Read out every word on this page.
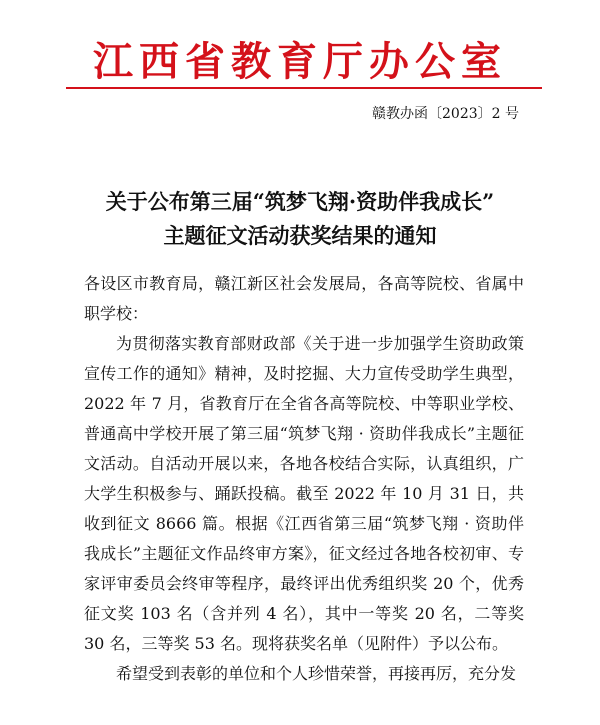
江西省教育厅办公室
赣教办函〔2023〕2 号
关于公布第三届“筑梦飞翔·资助伴我成长”
主题征文活动获奖结果的通知

各设区市教育局，赣江新区社会发展局，各高等院校、省属中职学校：

为贯彻落实教育部财政部《关于进一步加强学生资助政策宣传工作的通知》精神，及时挖掘、大力宣传受助学生典型，2022 年 7 月，省教育厅在全省各高等院校、中等职业学校、普通高中学校开展了第三届“筑梦飞翔 · 资助伴我成长”主题征文活动。自活动开展以来，各地各校结合实际，认真组织，广大学生积极参与、踊跃投稿。截至 2022 年 10 月 31 日，共收到征文 8666 篇。根据《江西省第三届“筑梦飞翔 · 资助伴我成长”主题征文作品终审方案》，征文经过各地各校初审、专家评审委员会终审等程序，最终评出优秀组织奖 20 个，优秀征文奖 103 名（含并列 4 名），其中一等奖 20 名，二等奖 30 名，三等奖 53 名。现将获奖名单（见附件）予以公布。

希望受到表彰的单位和个人珍惜荣誉，再接再厉，充分发
